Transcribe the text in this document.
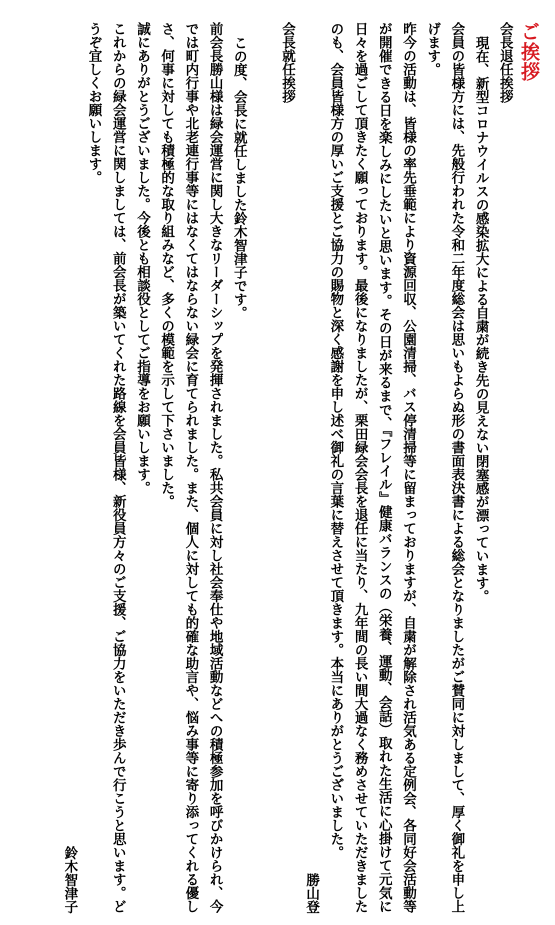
ご挨拶
会長退任挨拶
現在、新型コロナウイルスの感染拡大による自粛が続き先の見えない閉塞感が漂っています。
会員の皆様方には、先般行われた令和二年度総会は思いもよらぬ形の書面表決書による総会となりましたがご賛同に対しまして、厚く御礼を申し上げます。
昨今の活動は、皆様の率先垂範により資源回収、公園清掃、バス停清掃等に留まっておりますが、自粛が解除され活気ある定例会、各同好会活動等が開催できる日を楽しみにしたいと思います。その日が来るまで、『フレイル』健康バランスの（栄養、運動、会話）取れた生活に心掛けて元気に日々を過ごして頂きたく願っております。最後になりましたが、栗田緑会会長を退任に当たり、九年間の長い間大過なく務めさせていただきましたのも、会員皆様方の厚いご支援とご協力の賜物と深く感謝を申し述べ御礼の言葉に替えさせて頂きます。本当にありがとうございました。
勝山登
会長就任挨拶
この度、会長に就任しました鈴木智津子です。
前会長勝山様は緑会運営に関し大きなリーダーシップを発揮されました。私共会員に対し社会奉仕や地域活動などへの積極参加を呼びかけられ、今では町内行事や北老連行事等にはなくてはならない緑会に育てられました。また、個人に対しても的確な助言や、悩み事等に寄り添ってくれる優しさ、何事に対しても積極的な取り組みなど、多くの模範を示して下さいました。
誠にありがとうございました。今後とも相談役としてご指導をお願いします。
これからの緑会運営に関しましては、前会長が築いてくれた路線を会員皆様、新役員方々のご支援、ご協力をいただき歩んで行こうと思います。どうぞ宜しくお願いします。
鈴木智津子
